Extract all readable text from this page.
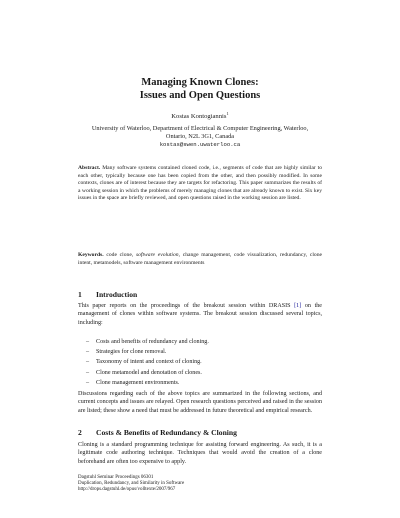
Managing Known Clones:
Issues and Open Questions
Kostas Kontogiannis$^1$
University of Waterloo, Department of Electrical & Computer Engineering, Waterloo,
Ontario, N2L 3G1, Canada
kostas@swen.uwaterloo.ca
Abstract. Many software systems contained cloned code, i.e., segments of code that are highly similar to each other, typically because one has been copied from the other, and then possibly modified. In some contexts, clones are of interest because they are targets for refactoring. This paper summarizes the results of a working session in which the problems of merely managing clones that are already known to exist. Six key issues in the space are briefly reviewed, and open questions raised in the working session are listed.
Keywords. code clone, software evolution, change management, code visualization, redundancy, clone intent, metamodels, software management environments
1 Introduction
This paper reports on the proceedings of the breakout session within DRASIS [1] on the management of clones within software systems. The breakout session discussed several topics, including:
– Costs and benefits of redundancy and cloning.
– Strategies for clone removal.
– Taxonomy of intent and context of cloning.
– Clone metamodel and denotation of clones.
– Clone management environments.
Discussions regarding each of the above topics are summarized in the following sections, and current concepts and issues are relayed. Open research questions perceived and raised in the session are listed; these show a need that must be addressed in future theoretical and empirical research.
2 Costs & Benefits of Redundancy & Cloning
Cloning is a standard programming technique for assisting forward engineering. As such, it is a legitimate code authoring technique. Techniques that would avoid the creation of a clone beforehand are often too expensive to apply.
Dagstuhl Seminar Proceedings 06301
Duplication, Redundancy, and Similarity in Software
http://drops.dagstuhl.de/opus/volltexte/2007/967
